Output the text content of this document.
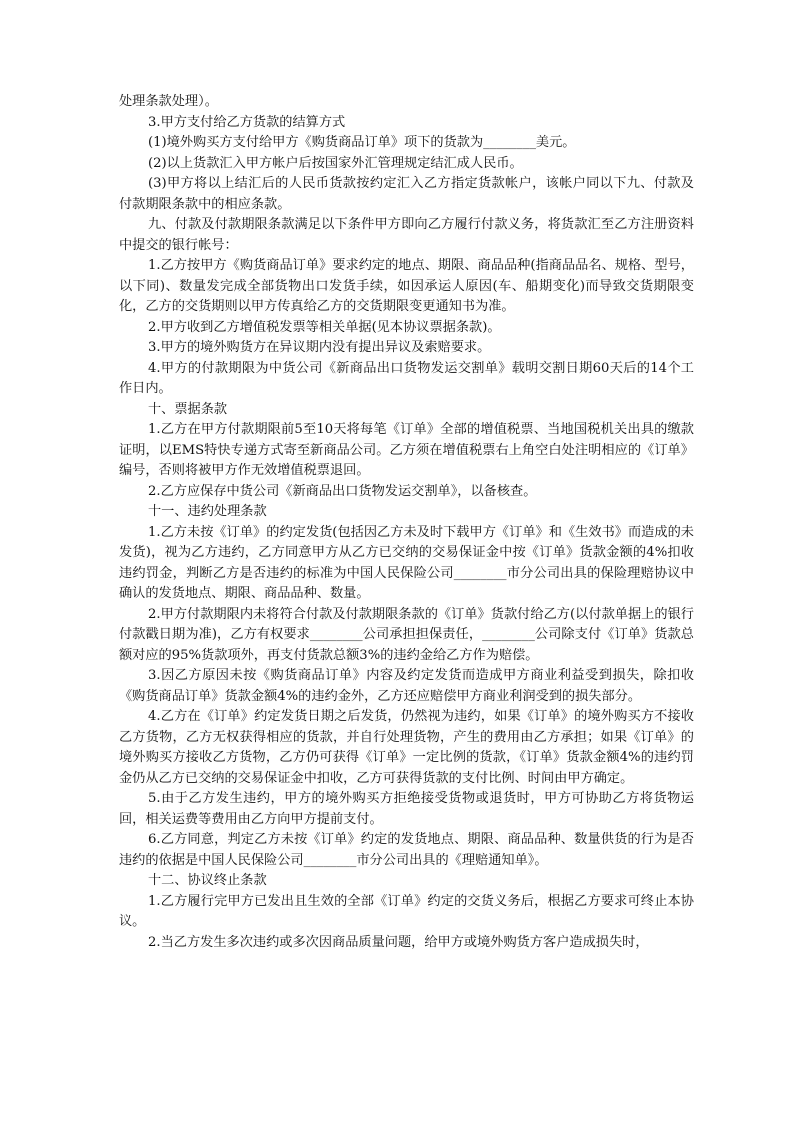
处理条款处理）。

3.甲方支付给乙方货款的结算方式

(1)境外购买方支付给甲方《购货商品订单》项下的货款为________美元。

(2)以上货款汇入甲方帐户后按国家外汇管理规定结汇成人民币。

(3)甲方将以上结汇后的人民币货款按约定汇入乙方指定货款帐户，该帐户同以下九、付款及付款期限条款中的相应条款。

九、付款及付款期限条款满足以下条件甲方即向乙方履行付款义务，将货款汇至乙方注册资料中提交的银行帐号：

1.乙方按甲方《购货商品订单》要求约定的地点、期限、商品品种(指商品品名、规格、型号，以下同)、数量发完成全部货物出口发货手续，如因承运人原因(车、船期变化)而导致交货期限变化，乙方的交货期则以甲方传真给乙方的交货期限变更通知书为准。

2.甲方收到乙方增值税发票等相关单据(见本协议票据条款)。

3.甲方的境外购货方在异议期内没有提出异议及索赔要求。

4.甲方的付款期限为中货公司《新商品出口货物发运交割单》载明交割日期60天后的14个工作日内。

十、票据条款

1.乙方在甲方付款期限前5至10天将每笔《订单》全部的增值税票、当地国税机关出具的缴款证明，以EMS特快专递方式寄至新商品公司。乙方须在增值税票右上角空白处注明相应的《订单》编号，否则将被甲方作无效增值税票退回。

2.乙方应保存中货公司《新商品出口货物发运交割单》，以备核查。

十一、违约处理条款

1.乙方未按《订单》的约定发货(包括因乙方未及时下载甲方《订单》和《生效书》而造成的未发货)，视为乙方违约，乙方同意甲方从乙方已交纳的交易保证金中按《订单》货款金额的4%扣收违约罚金，判断乙方是否违约的标准为中国人民保险公司________市分公司出具的保险理赔协议中确认的发货地点、期限、商品品种、数量。

2.甲方付款期限内未将符合付款及付款期限条款的《订单》货款付给乙方(以付款单据上的银行付款戳日期为准)，乙方有权要求________公司承担担保责任，________公司除支付《订单》货款总额对应的95%货款项外，再支付货款总额3%的违约金给乙方作为赔偿。

3.因乙方原因未按《购货商品订单》内容及约定发货而造成甲方商业利益受到损失，除扣收《购货商品订单》货款金额4%的违约金外，乙方还应赔偿甲方商业利润受到的损失部分。

4.乙方在《订单》约定发货日期之后发货，仍然视为违约，如果《订单》的境外购买方不接收乙方货物，乙方无权获得相应的货款，并自行处理货物，产生的费用由乙方承担；如果《订单》的境外购买方接收乙方货物，乙方仍可获得《订单》一定比例的货款，《订单》货款金额4%的违约罚金仍从乙方已交纳的交易保证金中扣收，乙方可获得货款的支付比例、时间由甲方确定。

5.由于乙方发生违约，甲方的境外购买方拒绝接受货物或退货时，甲方可协助乙方将货物运回，相关运费等费用由乙方向甲方提前支付。

6.乙方同意，判定乙方未按《订单》约定的发货地点、期限、商品品种、数量供货的行为是否违约的依据是中国人民保险公司________市分公司出具的《理赔通知单》。

十二、协议终止条款

1.乙方履行完甲方已发出且生效的全部《订单》约定的交货义务后，根据乙方要求可终止本协议。

2.当乙方发生多次违约或多次因商品质量问题，给甲方或境外购货方客户造成损失时，
